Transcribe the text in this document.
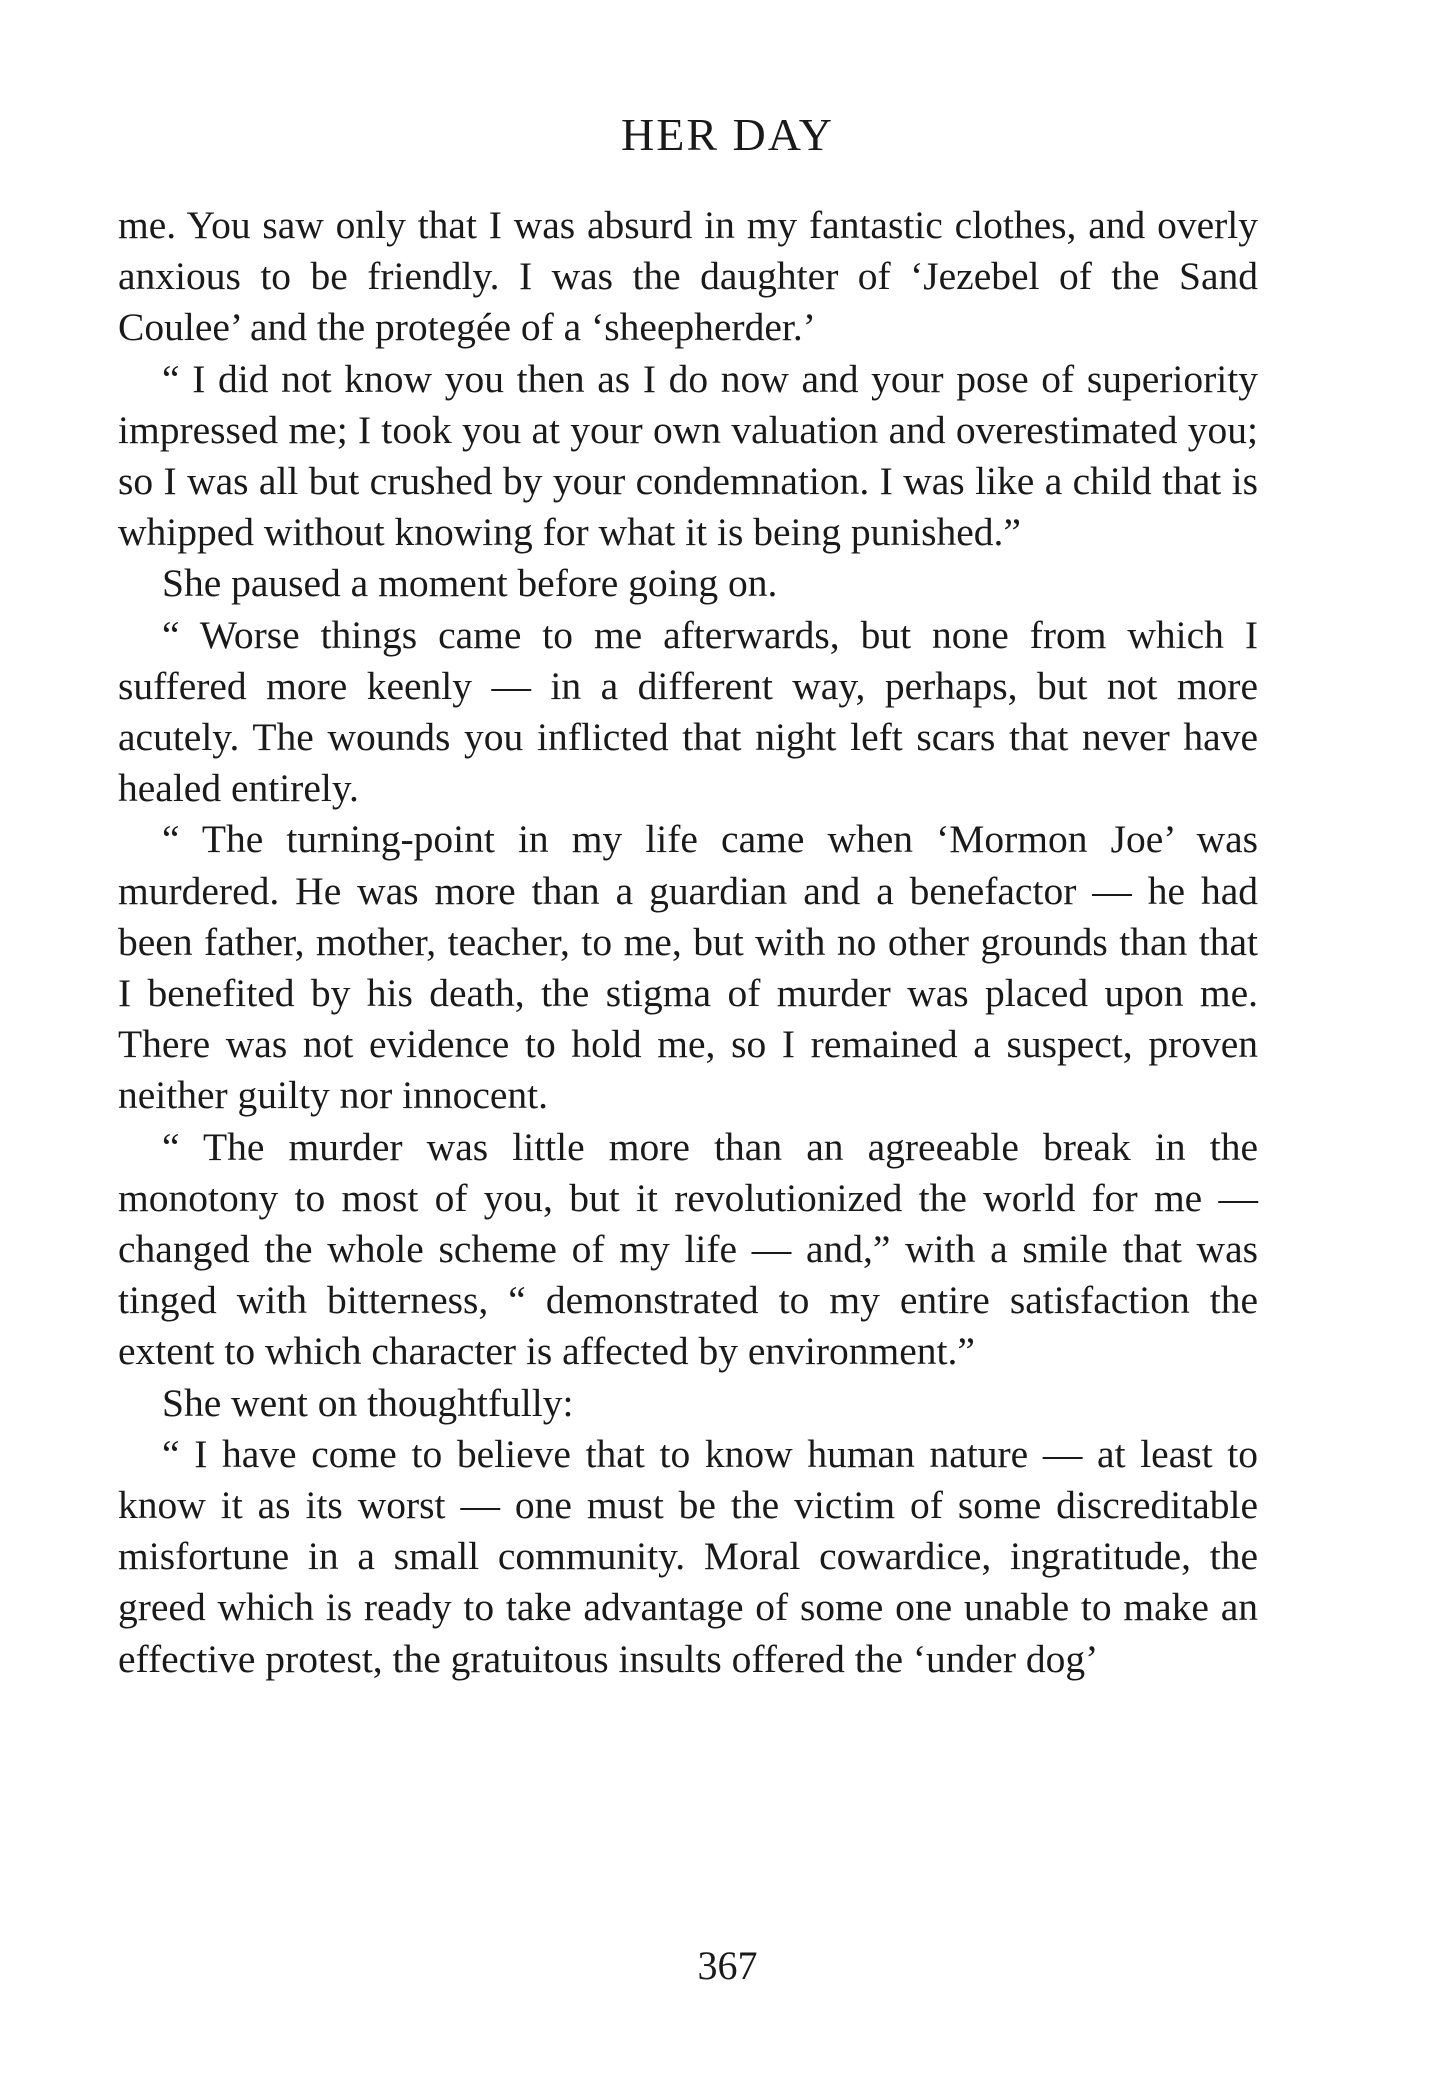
HER DAY

me. You saw only that I was absurd in my fantastic clothes, and overly anxious to be friendly. I was the daughter of ‘Jezebel of the Sand Coulee’ and the protegée of a ‘sheepherder.’

“ I did not know you then as I do now and your pose of superiority impressed me; I took you at your own valuation and overestimated you; so I was all but crushed by your condemnation. I was like a child that is whipped without knowing for what it is being punished.”

She paused a moment before going on.

“ Worse things came to me afterwards, but none from which I suffered more keenly — in a different way, perhaps, but not more acutely. The wounds you inflicted that night left scars that never have healed entirely.

“ The turning-point in my life came when ‘Mormon Joe’ was murdered. He was more than a guardian and a benefactor — he had been father, mother, teacher, to me, but with no other grounds than that I benefited by his death, the stigma of murder was placed upon me. There was not evidence to hold me, so I remained a suspect, proven neither guilty nor innocent.

“ The murder was little more than an agreeable break in the monotony to most of you, but it revolutionized the world for me — changed the whole scheme of my life — and,” with a smile that was tinged with bitterness, “ demonstrated to my entire satisfaction the extent to which character is affected by environment.”

She went on thoughtfully:

“ I have come to believe that to know human nature — at least to know it as its worst — one must be the victim of some discreditable misfortune in a small community. Moral cowardice, ingratitude, the greed which is ready to take advantage of some one unable to make an effective protest, the gratuitous insults offered the ‘under dog’

367
